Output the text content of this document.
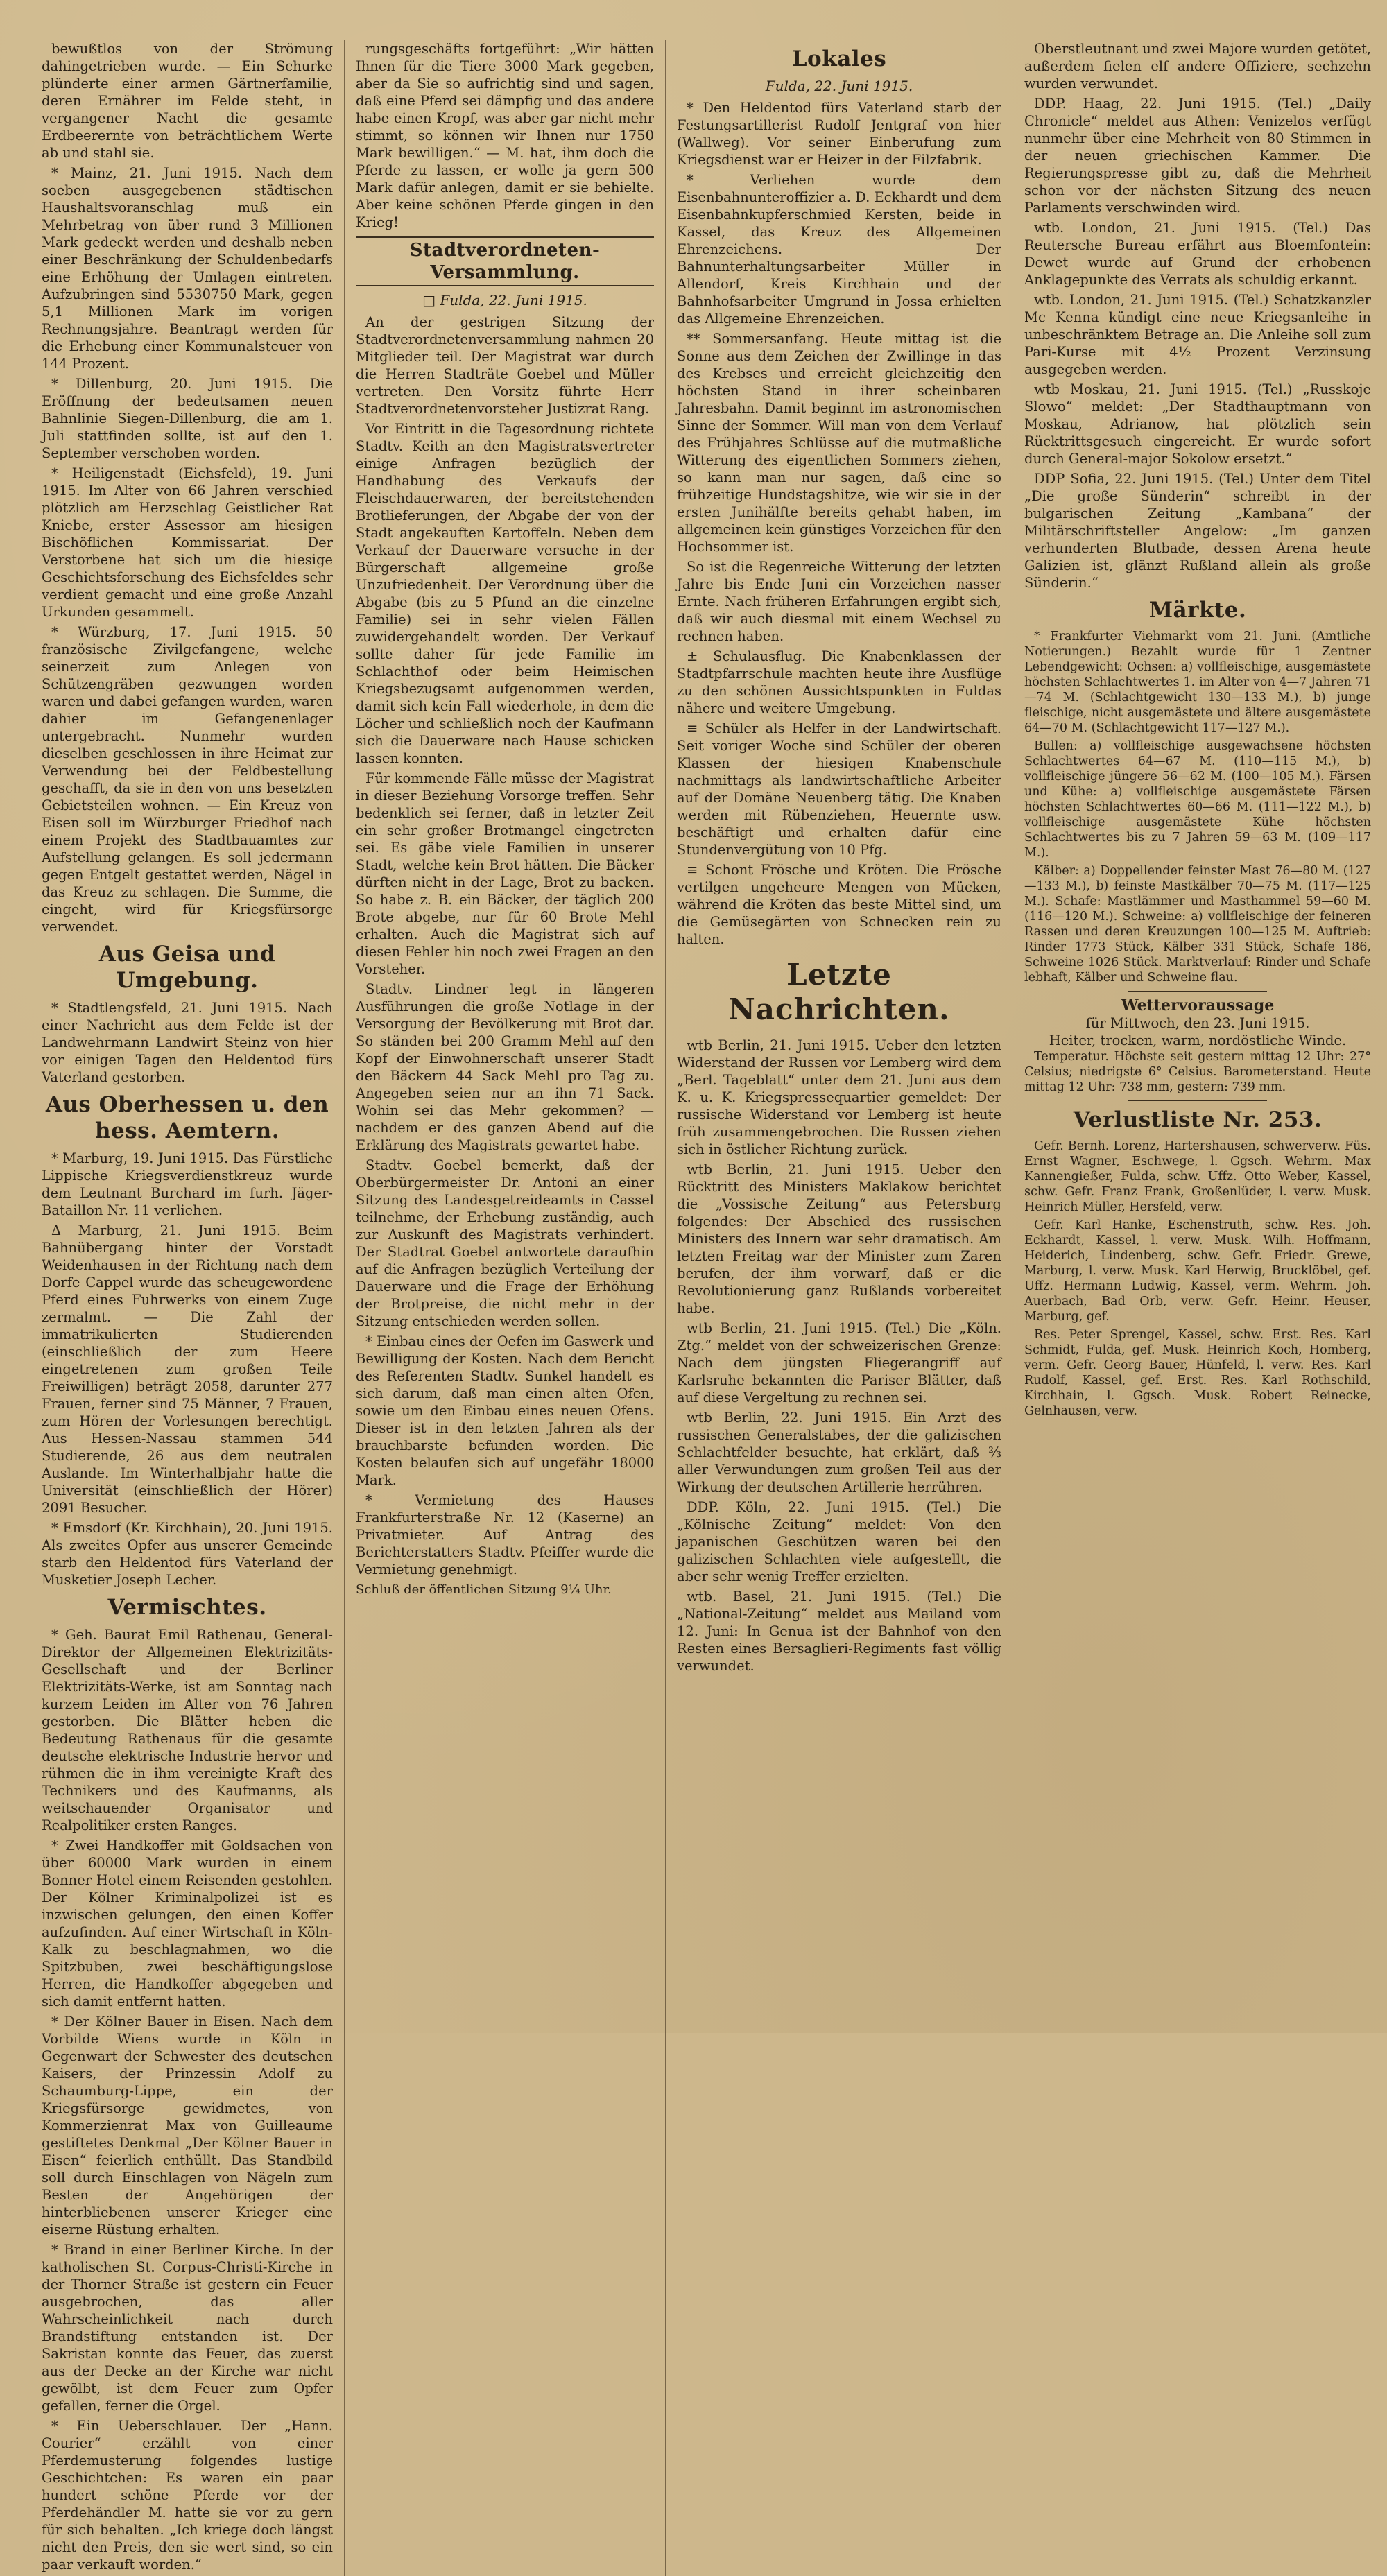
bewußtlos von der Strömung dahingetrieben wurde. — Ein Schurke plünderte einer armen Gärtnerfamilie, deren Ernährer im Felde steht, in vergangener Nacht die gesamte Erdbeerernte von beträchtlichem Werte ab und stahl sie.

* Mainz, 21. Juni 1915. Nach dem soeben ausgegebenen städtischen Haushaltsvoranschlag muß ein Mehrbetrag von über rund 3 Millionen Mark gedeckt werden und deshalb neben einer Beschränkung der Schuldenbedarfs eine Erhöhung der Umlagen eintreten. Aufzubringen sind 5530750 Mark, gegen 5,1 Millionen Mark im vorigen Rechnungsjahre. Beantragt werden für die Erhebung einer Kommunalsteuer von 144 Prozent.

* Dillenburg, 20. Juni 1915. Die Eröffnung der bedeutsamen neuen Bahnlinie Siegen-Dillenburg, die am 1. Juli stattfinden sollte, ist auf den 1. September verschoben worden.

* Heiligenstadt (Eichsfeld), 19. Juni 1915. Im Alter von 66 Jahren verschied plötzlich am Herzschlag Geistlicher Rat Kniebe, erster Assessor am hiesigen Bischöflichen Kommissariat. Der Verstorbene hat sich um die hiesige Geschichtsforschung des Eichsfeldes sehr verdient gemacht und eine große Anzahl Urkunden gesammelt.

* Würzburg, 17. Juni 1915. 50 französische Zivilgefangene, welche seinerzeit zum Anlegen von Schützengräben gezwungen worden waren und dabei gefangen wurden, waren dahier im Gefangenenlager untergebracht. Nunmehr wurden dieselben geschlossen in ihre Heimat zur Verwendung bei der Feldbestellung geschafft, da sie in den von uns besetzten Gebietsteilen wohnen. — Ein Kreuz von Eisen soll im Würzburger Friedhof nach einem Projekt des Stadtbauamtes zur Aufstellung gelangen. Es soll jedermann gegen Entgelt gestattet werden, Nägel in das Kreuz zu schlagen. Die Summe, die eingeht, wird für Kriegsfürsorge verwendet.

Aus Geisa und Umgebung.

* Stadtlengsfeld, 21. Juni 1915. Nach einer Nachricht aus dem Felde ist der Landwehrmann Landwirt Steinz von hier vor einigen Tagen den Heldentod fürs Vaterland gestorben.

Aus Oberhessen u. den hess. Aemtern.

* Marburg, 19. Juni 1915. Das Fürstliche Lippische Kriegsverdienstkreuz wurde dem Leutnant Burchard im furh. Jäger-Bataillon Nr. 11 verliehen.

Δ Marburg, 21. Juni 1915. Beim Bahnübergang hinter der Vorstadt Weidenhausen in der Richtung nach dem Dorfe Cappel wurde das scheugewordene Pferd eines Fuhrwerks von einem Zuge zermalmt. — Die Zahl der immatrikulierten Studierenden (einschließlich der zum Heere eingetretenen zum großen Teile Freiwilligen) beträgt 2058, darunter 277 Frauen, ferner sind 75 Männer, 7 Frauen, zum Hören der Vorlesungen berechtigt. Aus Hessen-Nassau stammen 544 Studierende, 26 aus dem neutralen Auslande. Im Winterhalbjahr hatte die Universität (einschließlich der Hörer) 2091 Besucher.

* Emsdorf (Kr. Kirchhain), 20. Juni 1915. Als zweites Opfer aus unserer Gemeinde starb den Heldentod fürs Vaterland der Musketier Joseph Lecher.

Vermischtes.

* Geh. Baurat Emil Rathenau, General-Direktor der Allgemeinen Elektrizitäts-Gesellschaft und der Berliner Elektrizitäts-Werke, ist am Sonntag nach kurzem Leiden im Alter von 76 Jahren gestorben. Die Blätter heben die Bedeutung Rathenaus für die gesamte deutsche elektrische Industrie hervor und rühmen die in ihm vereinigte Kraft des Technikers und des Kaufmanns, als weitschauender Organisator und Realpolitiker ersten Ranges.

* Zwei Handkoffer mit Goldsachen von über 60000 Mark wurden in einem Bonner Hotel einem Reisenden gestohlen. Der Kölner Kriminalpolizei ist es inzwischen gelungen, den einen Koffer aufzufinden. Auf einer Wirtschaft in Köln-Kalk zu beschlagnahmen, wo die Spitzbuben, zwei beschäftigungslose Herren, die Handkoffer abgegeben und sich damit entfernt hatten.

* Der Kölner Bauer in Eisen. Nach dem Vorbilde Wiens wurde in Köln in Gegenwart der Schwester des deutschen Kaisers, der Prinzessin Adolf zu Schaumburg-Lippe, ein der Kriegsfürsorge gewidmetes, von Kommerzienrat Max von Guilleaume gestiftetes Denkmal „Der Kölner Bauer in Eisen“ feierlich enthüllt. Das Standbild soll durch Einschlagen von Nägeln zum Besten der Angehörigen der hinterbliebenen unserer Krieger eine eiserne Rüstung erhalten.

* Brand in einer Berliner Kirche. In der katholischen St. Corpus-Christi-Kirche in der Thorner Straße ist gestern ein Feuer ausgebrochen, das aller Wahrscheinlichkeit nach durch Brandstiftung entstanden ist. Der Sakristan konnte das Feuer, das zuerst aus der Decke an der Kirche war nicht gewölbt, ist dem Feuer zum Opfer gefallen, ferner die Orgel.

* Ein Ueberschlauer. Der „Hann. Courier“ erzählt von einer Pferdemusterung folgendes lustige Geschichtchen: Es waren ein paar hundert schöne Pferde vor der Pferdehändler M. hatte sie vor zu gern für sich behalten. „Ich kriege doch längst nicht den Preis, den sie wert sind, so ein paar verkauft worden.“

rungsgeschäfts fortgeführt: „Wir hätten Ihnen für die Tiere 3000 Mark gegeben, aber da Sie so aufrichtig sind und sagen, daß eine Pferd sei dämpfig und das andere habe einen Kropf, was aber gar nicht mehr stimmt, so können wir Ihnen nur 1750 Mark bewilligen.“ — M. hat, ihm doch die Pferde zu lassen, er wolle ja gern 500 Mark dafür anlegen, damit er sie behielte. Aber keine schönen Pferde gingen in den Krieg!

Stadtverordneten-Versammlung.
□ Fulda, 22. Juni 1915.

An der gestrigen Sitzung der Stadtverordnetenversammlung nahmen 20 Mitglieder teil. Der Magistrat war durch die Herren Stadträte Goebel und Müller vertreten. Den Vorsitz führte Herr Stadtverordnetenvorsteher Justizrat Rang.

Vor Eintritt in die Tagesordnung richtete Stadtv. Keith an den Magistratsvertreter einige Anfragen bezüglich der Handhabung des Verkaufs der Fleischdauerwaren, der bereitstehenden Brotlieferungen, der Abgabe der von der Stadt angekauften Kartoffeln. Neben dem Verkauf der Dauerware versuche in der Bürgerschaft allgemeine große Unzufriedenheit. Der Verordnung über die Abgabe (bis zu 5 Pfund an die einzelne Familie) sei in sehr vielen Fällen zuwidergehandelt worden. Der Verkauf sollte daher für jede Familie im Schlachthof oder beim Heimischen Kriegsbezugsamt aufgenommen werden, damit sich kein Fall wiederhole, in dem die Löcher und schließlich noch der Kaufmann sich die Dauerware nach Hause schicken lassen konnten.

Für kommende Fälle müsse der Magistrat in dieser Beziehung Vorsorge treffen. Sehr bedenklich sei ferner, daß in letzter Zeit ein sehr großer Brotmangel eingetreten sei. Es gäbe viele Familien in unserer Stadt, welche kein Brot hätten. Die Bäcker dürften nicht in der Lage, Brot zu backen. So habe z. B. ein Bäcker, der täglich 200 Brote abgebe, nur für 60 Brote Mehl erhalten. Auch die Magistrat sich auf diesen Fehler hin noch zwei Fragen an den Vorsteher.

Stadtv. Lindner legt in längeren Ausführungen die große Notlage in der Versorgung der Bevölkerung mit Brot dar. So ständen bei 200 Gramm Mehl auf den Kopf der Einwohnerschaft unserer Stadt den Bäckern 44 Sack Mehl pro Tag zu. Angegeben seien nur an ihn 71 Sack. Wohin sei das Mehr gekommen? — nachdem er des ganzen Abend auf die Erklärung des Magistrats gewartet habe.

Stadtv. Goebel bemerkt, daß der Oberbürgermeister Dr. Antoni an einer Sitzung des Landesgetreideamts in Cassel teilnehme, der Erhebung zuständig, auch zur Auskunft des Magistrats verhindert. Der Stadtrat Goebel antwortete daraufhin auf die Anfragen bezüglich Verteilung der Dauerware und die Frage der Erhöhung der Brotpreise, die nicht mehr in der Sitzung entschieden werden sollen.

* Einbau eines der Oefen im Gaswerk und Bewilligung der Kosten. Nach dem Bericht des Referenten Stadtv. Sunkel handelt es sich darum, daß man einen alten Ofen, sowie um den Einbau eines neuen Ofens. Dieser ist in den letzten Jahren als der brauchbarste befunden worden. Die Kosten belaufen sich auf ungefähr 18000 Mark.

* Vermietung des Hauses Frankfurterstraße Nr. 12 (Kaserne) an Privatmieter. Auf Antrag des Berichterstatters Stadtv. Pfeiffer wurde die Vermietung genehmigt.

Schluß der öffentlichen Sitzung 9¼ Uhr.
Lokales
Fulda, 22. Juni 1915.

* Den Heldentod fürs Vaterland starb der Festungsartillerist Rudolf Jentgraf von hier (Wallweg). Vor seiner Einberufung zum Kriegsdienst war er Heizer in der Filzfabrik.

* Verliehen wurde dem Eisenbahnunteroffizier a. D. Eckhardt und dem Eisenbahnkupferschmied Kersten, beide in Kassel, das Kreuz des Allgemeinen Ehrenzeichens. Der Bahnunterhaltungsarbeiter Müller in Allendorf, Kreis Kirchhain und der Bahnhofsarbeiter Umgrund in Jossa erhielten das Allgemeine Ehrenzeichen.

** Sommersanfang. Heute mittag ist die Sonne aus dem Zeichen der Zwillinge in das des Krebses und erreicht gleichzeitig den höchsten Stand in ihrer scheinbaren Jahresbahn. Damit beginnt im astronomischen Sinne der Sommer. Will man von dem Verlauf des Frühjahres Schlüsse auf die mutmaßliche Witterung des eigentlichen Sommers ziehen, so kann man nur sagen, daß eine so frühzeitige Hundstagshitze, wie wir sie in der ersten Junihälfte bereits gehabt haben, im allgemeinen kein günstiges Vorzeichen für den Hochsommer ist.

So ist die Regenreiche Witterung der letzten Jahre bis Ende Juni ein Vorzeichen nasser Ernte. Nach früheren Erfahrungen ergibt sich, daß wir auch diesmal mit einem Wechsel zu rechnen haben.

± Schulausflug. Die Knabenklassen der Stadtpfarrschule machten heute ihre Ausflüge zu den schönen Aussichtspunkten in Fuldas nähere und weitere Umgebung.

≡ Schüler als Helfer in der Landwirtschaft. Seit voriger Woche sind Schüler der oberen Klassen der hiesigen Knabenschule nachmittags als landwirtschaftliche Arbeiter auf der Domäne Neuenberg tätig. Die Knaben werden mit Rübenziehen, Heuernte usw. beschäftigt und erhalten dafür eine Stundenvergütung von 10 Pfg.

≡ Schont Frösche und Kröten. Die Frösche vertilgen ungeheure Mengen von Mücken, während die Kröten das beste Mittel sind, um die Gemüsegärten von Schnecken rein zu halten.

Letzte Nachrichten.

wtb Berlin, 21. Juni 1915. Ueber den letzten Widerstand der Russen vor Lemberg wird dem „Berl. Tageblatt“ unter dem 21. Juni aus dem K. u. K. Kriegspressequartier gemeldet: Der russische Widerstand vor Lemberg ist heute früh zusammengebrochen. Die Russen ziehen sich in östlicher Richtung zurück.

wtb Berlin, 21. Juni 1915. Ueber den Rücktritt des Ministers Maklakow berichtet die „Vossische Zeitung“ aus Petersburg folgendes: Der Abschied des russischen Ministers des Innern war sehr dramatisch. Am letzten Freitag war der Minister zum Zaren berufen, der ihm vorwarf, daß er die Revolutionierung ganz Rußlands vorbereitet habe.

wtb Berlin, 21. Juni 1915. (Tel.) Die „Köln. Ztg.“ meldet von der schweizerischen Grenze: Nach dem jüngsten Fliegerangriff auf Karlsruhe bekannten die Pariser Blätter, daß auf diese Vergeltung zu rechnen sei.

wtb Berlin, 22. Juni 1915. Ein Arzt des russischen Generalstabes, der die galizischen Schlachtfelder besuchte, hat erklärt, daß ⅔ aller Verwundungen zum großen Teil aus der Wirkung der deutschen Artillerie herrühren.

DDP. Köln, 22. Juni 1915. (Tel.) Die „Kölnische Zeitung“ meldet: Von den japanischen Geschützen waren bei den galizischen Schlachten viele aufgestellt, die aber sehr wenig Treffer erzielten.

wtb. Basel, 21. Juni 1915. (Tel.) Die „National-Zeitung“ meldet aus Mailand vom 12. Juni: In Genua ist der Bahnhof von den Resten eines Bersaglieri-Regiments fast völlig verwundet.

Oberstleutnant und zwei Majore wurden getötet, außerdem fielen elf andere Offiziere, sechzehn wurden verwundet.

DDP. Haag, 22. Juni 1915. (Tel.) „Daily Chronicle“ meldet aus Athen: Venizelos verfügt nunmehr über eine Mehrheit von 80 Stimmen in der neuen griechischen Kammer. Die Regierungspresse gibt zu, daß die Mehrheit schon vor der nächsten Sitzung des neuen Parlaments verschwinden wird.

wtb. London, 21. Juni 1915. (Tel.) Das Reutersche Bureau erfährt aus Bloemfontein: Dewet wurde auf Grund der erhobenen Anklagepunkte des Verrats als schuldig erkannt.

wtb. London, 21. Juni 1915. (Tel.) Schatzkanzler Mc Kenna kündigt eine neue Kriegsanleihe in unbeschränktem Betrage an. Die Anleihe soll zum Pari-Kurse mit 4½ Prozent Verzinsung ausgegeben werden.

wtb Moskau, 21. Juni 1915. (Tel.) „Russkoje Slowo“ meldet: „Der Stadthauptmann von Moskau, Adrianow, hat plötzlich sein Rücktrittsgesuch eingereicht. Er wurde sofort durch General-major Sokolow ersetzt.“

DDP Sofia, 22. Juni 1915. (Tel.) Unter dem Titel „Die große Sünderin“ schreibt in der bulgarischen Zeitung „Kambana“ der Militärschriftsteller Angelow: „Im ganzen verhunderten Blutbade, dessen Arena heute Galizien ist, glänzt Rußland allein als große Sünderin.“

Märkte.

* Frankfurter Viehmarkt vom 21. Juni. (Amtliche Notierungen.) Bezahlt wurde für 1 Zentner Lebendgewicht: Ochsen: a) vollfleischige, ausgemästete höchsten Schlachtwertes 1. im Alter von 4—7 Jahren 71—74 M. (Schlachtgewicht 130—133 M.), b) junge fleischige, nicht ausgemästete und ältere ausgemästete 64—70 M. (Schlachtgewicht 117—127 M.).

Bullen: a) vollfleischige ausgewachsene höchsten Schlachtwertes 64—67 M. (110—115 M.), b) vollfleischige jüngere 56—62 M. (100—105 M.). Färsen und Kühe: a) vollfleischige ausgemästete Färsen höchsten Schlachtwertes 60—66 M. (111—122 M.), b) vollfleischige ausgemästete Kühe höchsten Schlachtwertes bis zu 7 Jahren 59—63 M. (109—117 M.).

Kälber: a) Doppellender feinster Mast 76—80 M. (127—133 M.), b) feinste Mastkälber 70—75 M. (117—125 M.). Schafe: Mastlämmer und Masthammel 59—60 M. (116—120 M.). Schweine: a) vollfleischige der feineren Rassen und deren Kreuzungen 100—125 M. Auftrieb: Rinder 1773 Stück, Kälber 331 Stück, Schafe 186, Schweine 1026 Stück. Marktverlauf: Rinder und Schafe lebhaft, Kälber und Schweine flau.

Wettervoraussage
für Mittwoch, den 23. Juni 1915.
Heiter, trocken, warm, nordöstliche Winde.

Temperatur. Höchste seit gestern mittag 12 Uhr: 27° Celsius; niedrigste 6° Celsius. Barometerstand. Heute mittag 12 Uhr: 738 mm, gestern: 739 mm.

Verlustliste Nr. 253.

Gefr. Bernh. Lorenz, Hartershausen, schwerverw. Füs. Ernst Wagner, Eschwege, l. Ggsch. Wehrm. Max Kannengießer, Fulda, schw. Uffz. Otto Weber, Kassel, schw. Gefr. Franz Frank, Großenlüder, l. verw. Musk. Heinrich Müller, Hersfeld, verw.

Gefr. Karl Hanke, Eschenstruth, schw. Res. Joh. Eckhardt, Kassel, l. verw. Musk. Wilh. Hoffmann, Heiderich, Lindenberg, schw. Gefr. Friedr. Grewe, Marburg, l. verw. Musk. Karl Herwig, Brucklöbel, gef. Uffz. Hermann Ludwig, Kassel, verm. Wehrm. Joh. Auerbach, Bad Orb, verw. Gefr. Heinr. Heuser, Marburg, gef.

Res. Peter Sprengel, Kassel, schw. Erst. Res. Karl Schmidt, Fulda, gef. Musk. Heinrich Koch, Homberg, verm. Gefr. Georg Bauer, Hünfeld, l. verw. Res. Karl Rudolf, Kassel, gef. Erst. Res. Karl Rothschild, Kirchhain, l. Ggsch. Musk. Robert Reinecke, Gelnhausen, verw.
